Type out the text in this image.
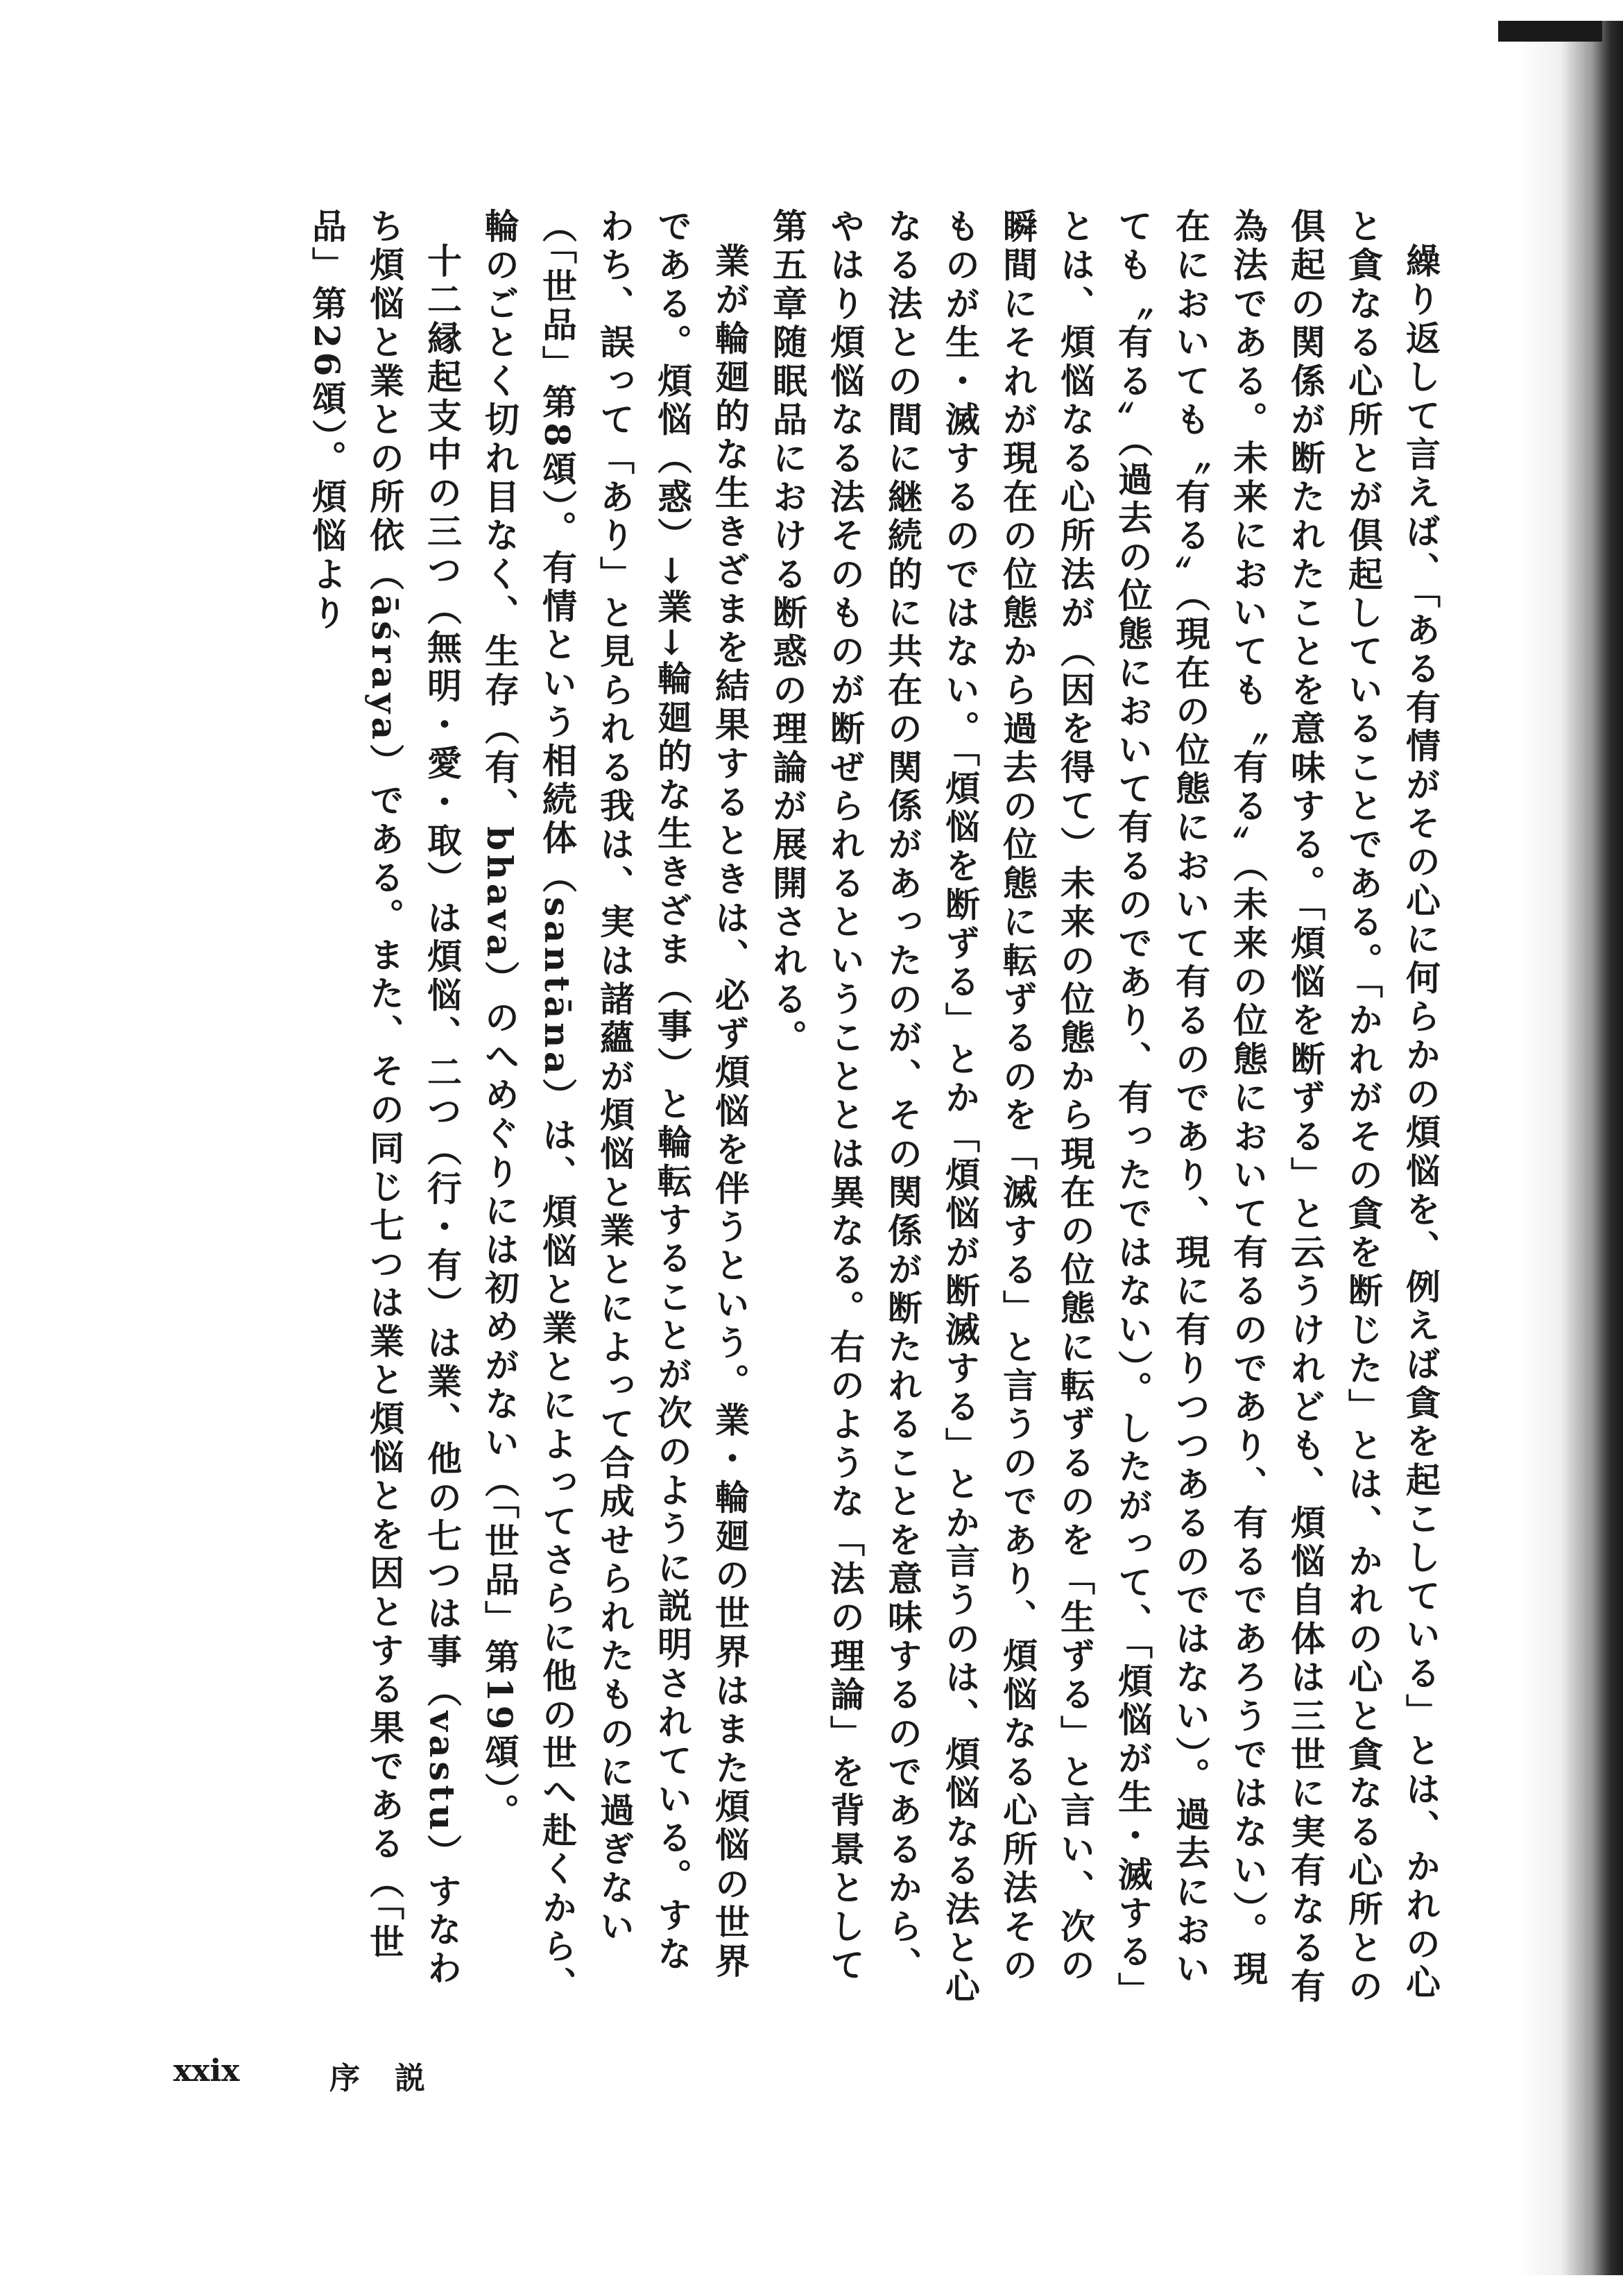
繰り返して言えば、「ある有情がその心に何らかの煩悩を、例えば貪を起こしている」とは、かれの心と貪なる心所とが倶起していることである。「かれがその貪を断じた」とは、かれの心と貪なる心所との倶起の関係が断たれたことを意味する。「煩悩を断ずる」と云うけれども、煩悩自体は三世に実有なる有為法である。未来においても〝有る〟（未来の位態において有るのであり、有るであろうではない）。現在においても〝有る〟（現在の位態において有るのであり、現に有りつつあるのではない）。過去においても〝有る〟（過去の位態において有るのであり、有ったではない）。したがって、「煩悩が生・滅する」とは、煩悩なる心所法が（因を得て）未来の位態から現在の位態に転ずるのを「生ずる」と言い、次の瞬間にそれが現在の位態から過去の位態に転ずるのを「滅する」と言うのであり、煩悩なる心所法そのものが生・滅するのではない。「煩悩を断ずる」とか「煩悩が断滅する」とか言うのは、煩悩なる法と心なる法との間に継続的に共在の関係があったのが、その関係が断たれることを意味するのであるから、やはり煩悩なる法そのものが断ぜられるということとは異なる。右のような「法の理論」を背景として第五章随眠品における断惑の理論が展開される。

業が輪廻的な生きざまを結果するときは、必ず煩悩を伴うという。業・輪廻の世界はまた煩悩の世界である。煩悩（惑）→業→輪廻的な生きざま（事）と輪転することが次のように説明されている。すなわち、誤って「あり」と見られる我は、実は諸蘊が煩悩と業とによって合成せられたものに過ぎない（「世品」第8頌）。有情という相続体（santāna）は、煩悩と業とによってさらに他の世へ赴くから、輪のごとく切れ目なく、生存（有、bhava）のへめぐりには初めがない（「世品」第19頌）。

十二縁起支中の三つ（無明・愛・取）は煩悩、二つ（行・有）は業、他の七つは事（vastu）すなわち煩悩と業との所依（āśraya）である。また、その同じ七つは業と煩悩とを因とする果である（「世品」第26頌）。煩悩より

xxix	序説
